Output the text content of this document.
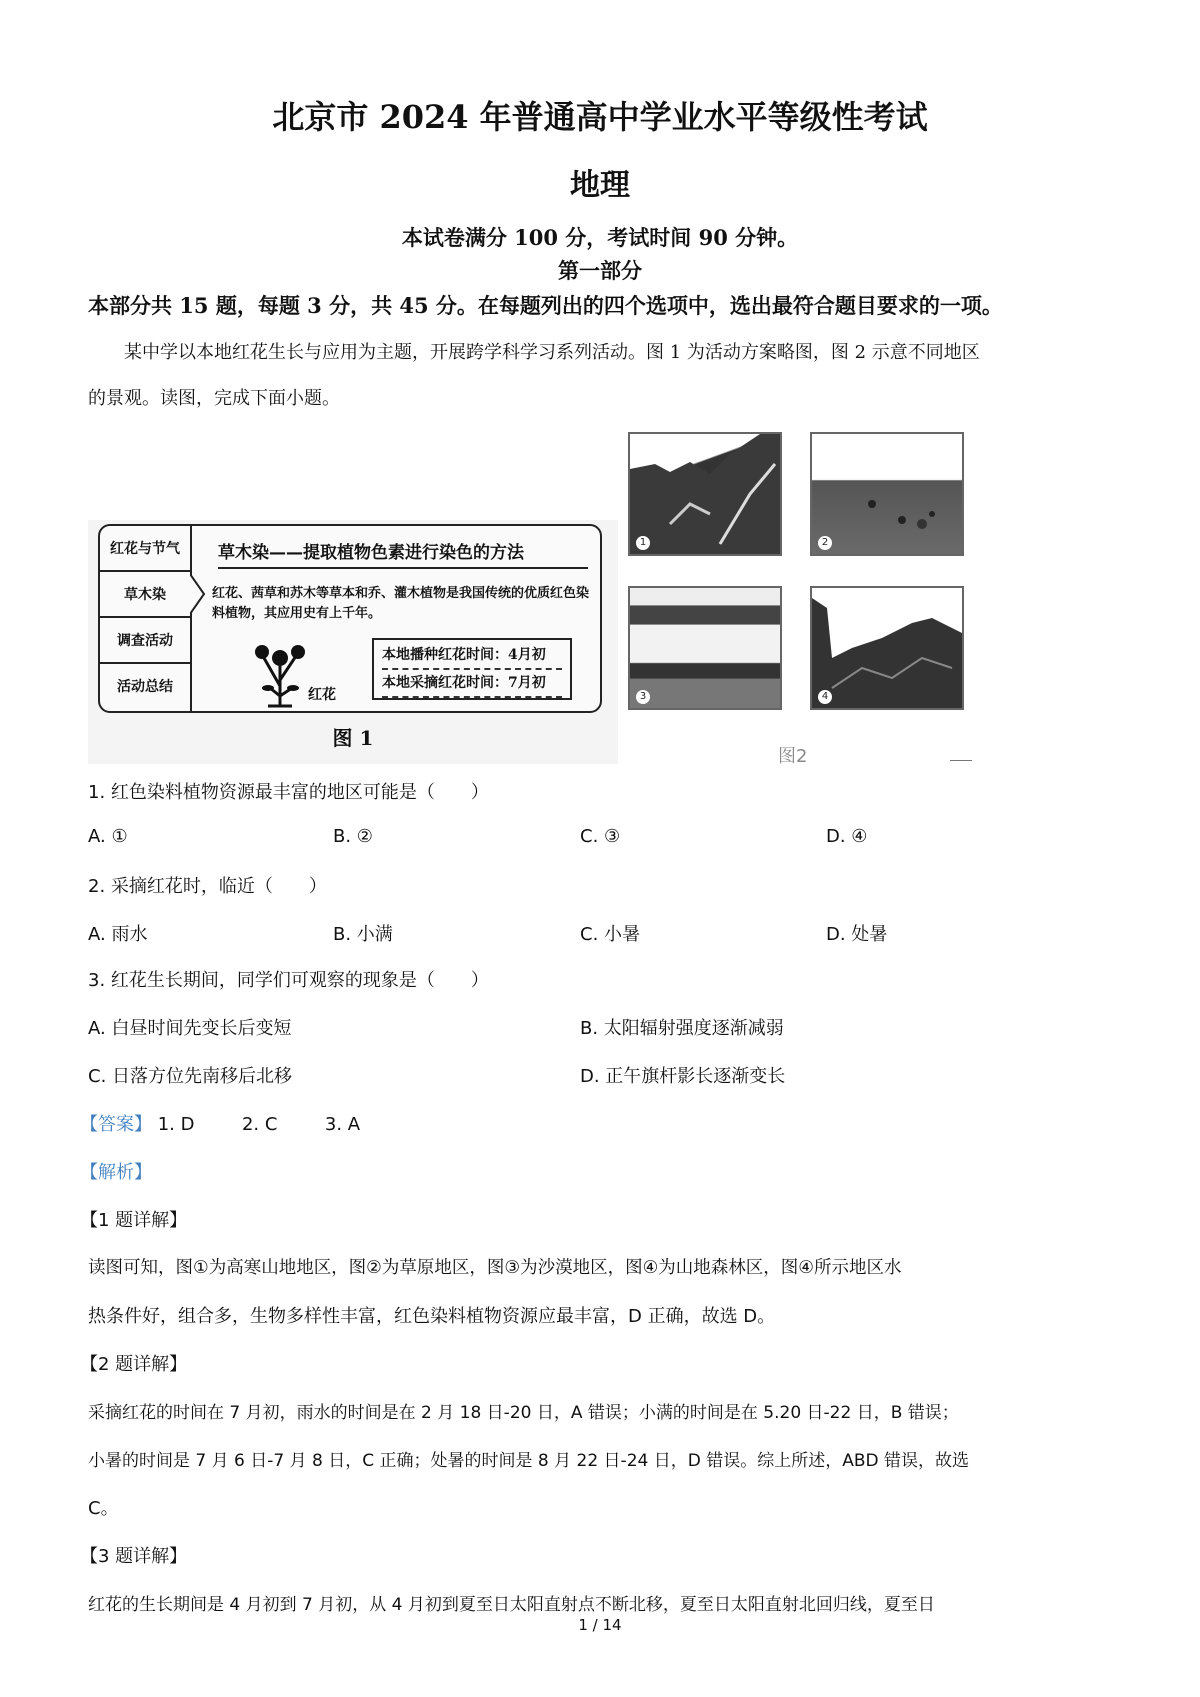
北京市 2024 年普通高中学业水平等级性考试
地理
本试卷满分 100 分，考试时间 90 分钟。
第一部分
本部分共 15 题，每题 3 分，共 45 分。在每题列出的四个选项中，选出最符合题目要求的一项。
某中学以本地红花生长与应用为主题，开展跨学科学习系列活动。图 1 为活动方案略图，图 2 示意不同地区
的景观。读图，完成下面小题。
红花与节气
草木染
调查活动
活动总结
草木染——提取植物色素进行染色的方法
红花、茜草和苏木等草本和乔、灌木植物是我国传统的优质红色染料植物，其应用史有上千年。
红花
本地播种红花时间：4月初
本地采摘红花时间：7月初
图 1
1	2
3	4
图2
1. 红色染料植物资源最丰富的地区可能是（　　）
A. ①	B. ②	C. ③	D. ④
2. 采摘红花时，临近（　　）
A. 雨水	B. 小满	C. 小暑	D. 处暑
3. 红花生长期间，同学们可观察的现象是（　　）
A. 白昼时间先变长后变短	B. 太阳辐射强度逐渐减弱
C. 日落方位先南移后北移	D. 正午旗杆影长逐渐变长
【答案】 1. D	2. C	3. A
【解析】
【1 题详解】
读图可知，图①为高寒山地地区，图②为草原地区，图③为沙漠地区，图④为山地森林区，图④所示地区水
热条件好，组合多，生物多样性丰富，红色染料植物资源应最丰富，D 正确，故选 D。
【2 题详解】
采摘红花的时间在 7 月初，雨水的时间是在 2 月 18 日-20 日，A 错误；小满的时间是在 5.20 日-22 日，B 错误；
小暑的时间是 7 月 6 日-7 月 8 日，C 正确；处暑的时间是 8 月 22 日-24 日，D 错误。综上所述，ABD 错误，故选
C。
【3 题详解】
红花的生长期间是 4 月初到 7 月初，从 4 月初到夏至日太阳直射点不断北移，夏至日太阳直射北回归线，夏至日
1 / 14
